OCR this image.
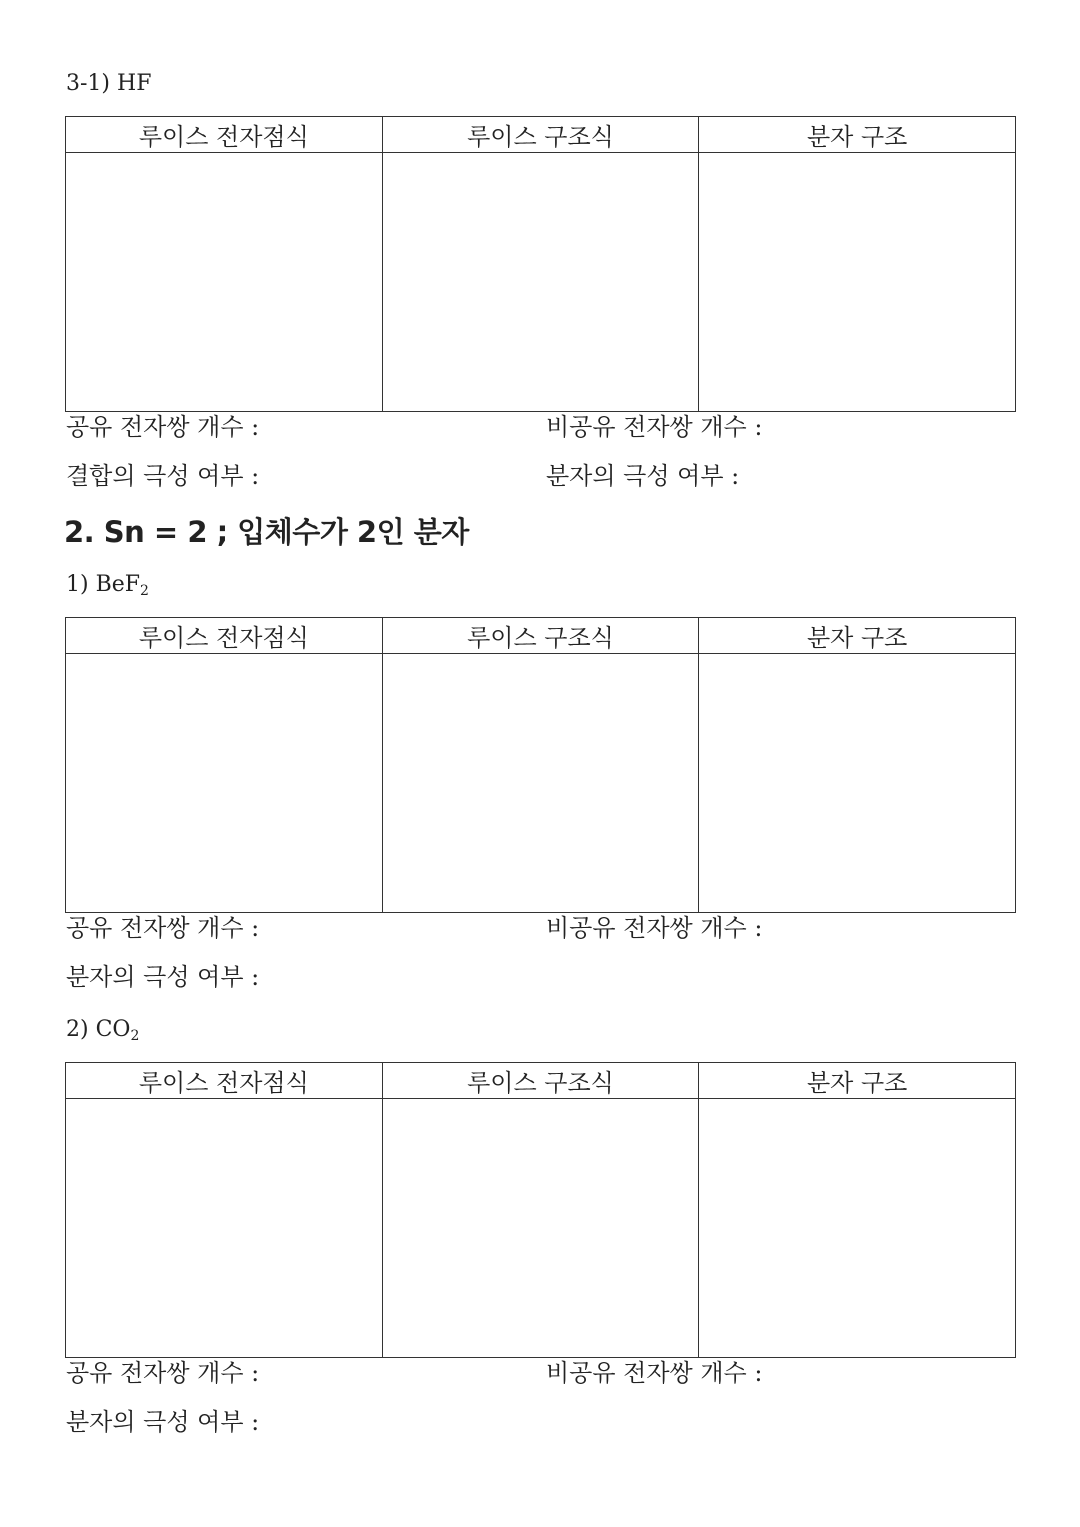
3-1) HF
루이스 전자점식	루이스 구조식	분자 구조

공유 전자쌍 개수 :	비공유 전자쌍 개수 :
결합의 극성 여부 :	분자의 극성 여부 :
2. Sn = 2 ; 입체수가 2인 분자
1) BeF$_2$
루이스 전자점식	루이스 구조식	분자 구조

공유 전자쌍 개수 :	비공유 전자쌍 개수 :
분자의 극성 여부 :
2) $CO_2$
루이스 전자점식	루이스 구조식	분자 구조

공유 전자쌍 개수 :	비공유 전자쌍 개수 :
분자의 극성 여부 :
